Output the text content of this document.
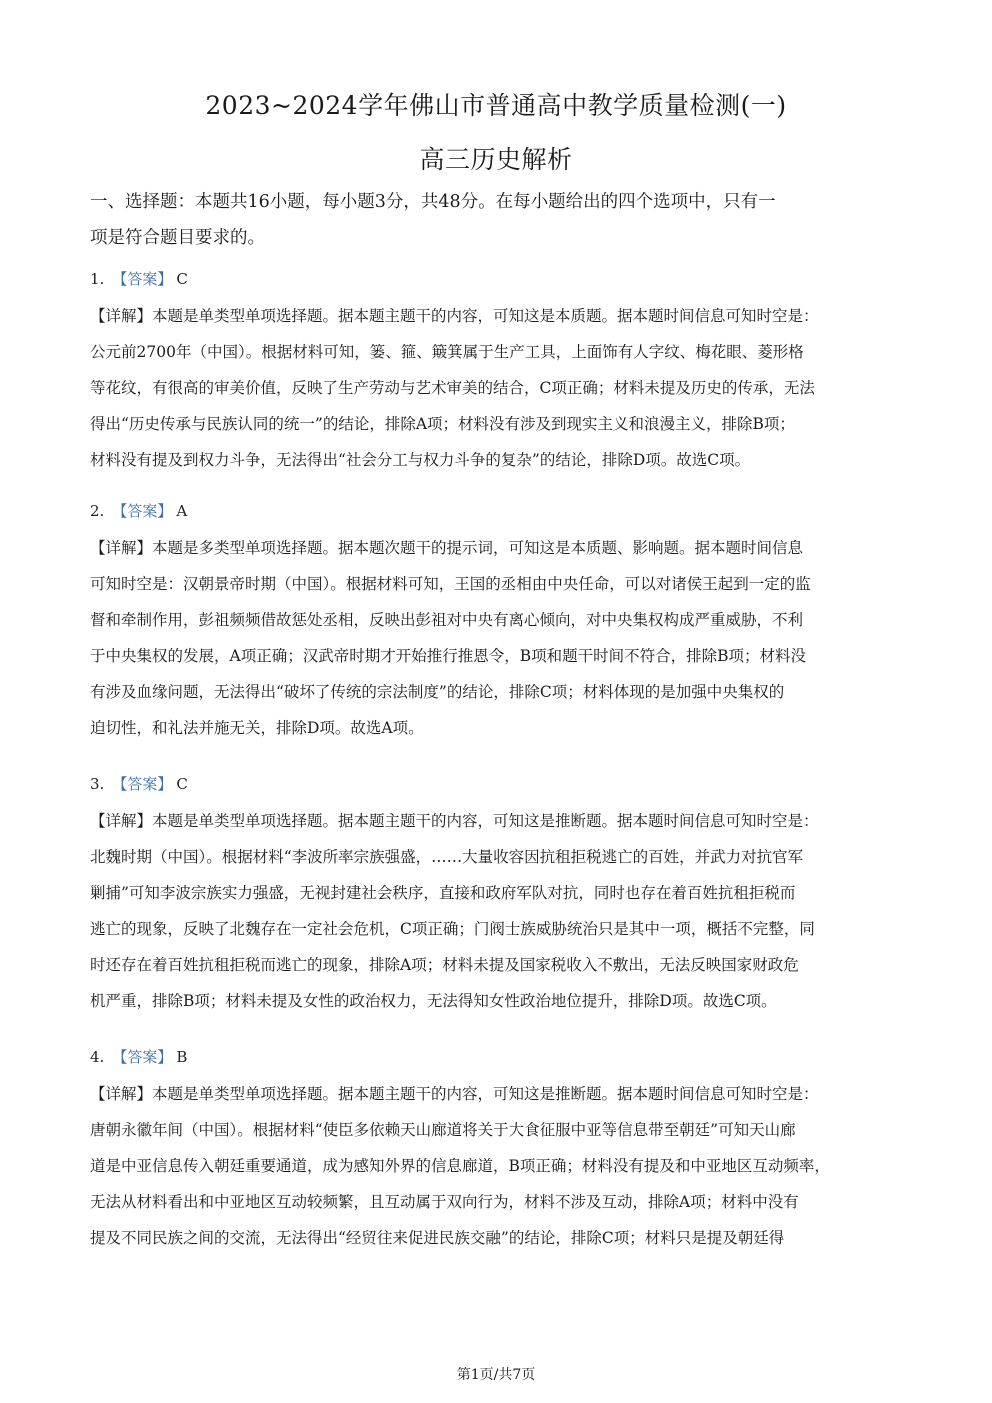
2023~2024学年佛山市普通高中教学质量检测(一)
高三历史解析

一、选择题：本题共16小题，每小题3分，共48分。在每小题给出的四个选项中，只有一

项是符合题目要求的。

1. 【答案】 C

【详解】本题是单类型单项选择题。据本题主题干的内容，可知这是本质题。据本题时间信息可知时空是：

公元前2700年（中国）。根据材料可知，篓、箍、簸箕属于生产工具，上面饰有人字纹、梅花眼、菱形格

等花纹，有很高的审美价值，反映了生产劳动与艺术审美的结合，C项正确；材料未提及历史的传承，无法

得出“历史传承与民族认同的统一”的结论，排除A项；材料没有涉及到现实主义和浪漫主义，排除B项；

材料没有提及到权力斗争，无法得出“社会分工与权力斗争的复杂”的结论，排除D项。故选C项。

2. 【答案】 A

【详解】本题是多类型单项选择题。据本题次题干的提示词，可知这是本质题、影响题。据本题时间信息

可知时空是：汉朝景帝时期（中国）。根据材料可知，王国的丞相由中央任命，可以对诸侯王起到一定的监

督和牵制作用，彭祖频频借故惩处丞相，反映出彭祖对中央有离心倾向，对中央集权构成严重威胁，不利

于中央集权的发展，A项正确；汉武帝时期才开始推行推恩令，B项和题干时间不符合，排除B项；材料没

有涉及血缘问题，无法得出“破坏了传统的宗法制度”的结论，排除C项；材料体现的是加强中央集权的

迫切性，和礼法并施无关，排除D项。故选A项。

3. 【答案】 C

【详解】本题是单类型单项选择题。据本题主题干的内容，可知这是推断题。据本题时间信息可知时空是：

北魏时期（中国）。根据材料“李波所率宗族强盛，……大量收容因抗租拒税逃亡的百姓，并武力对抗官军

剿捕”可知李波宗族实力强盛，无视封建社会秩序，直接和政府军队对抗，同时也存在着百姓抗租拒税而

逃亡的现象，反映了北魏存在一定社会危机，C项正确；门阀士族威胁统治只是其中一项，概括不完整，同

时还存在着百姓抗租拒税而逃亡的现象，排除A项；材料未提及国家税收入不敷出，无法反映国家财政危

机严重，排除B项；材料未提及女性的政治权力，无法得知女性政治地位提升，排除D项。故选C项。

4. 【答案】 B

【详解】本题是单类型单项选择题。据本题主题干的内容，可知这是推断题。据本题时间信息可知时空是：

唐朝永徽年间（中国）。根据材料“使臣多依赖天山廊道将关于大食征服中亚等信息带至朝廷”可知天山廊

道是中亚信息传入朝廷重要通道，成为感知外界的信息廊道，B项正确；材料没有提及和中亚地区互动频率，

无法从材料看出和中亚地区互动较频繁，且互动属于双向行为，材料不涉及互动，排除A项；材料中没有

提及不同民族之间的交流，无法得出“经贸往来促进民族交融”的结论，排除C项；材料只是提及朝廷得

第1页/共7页
